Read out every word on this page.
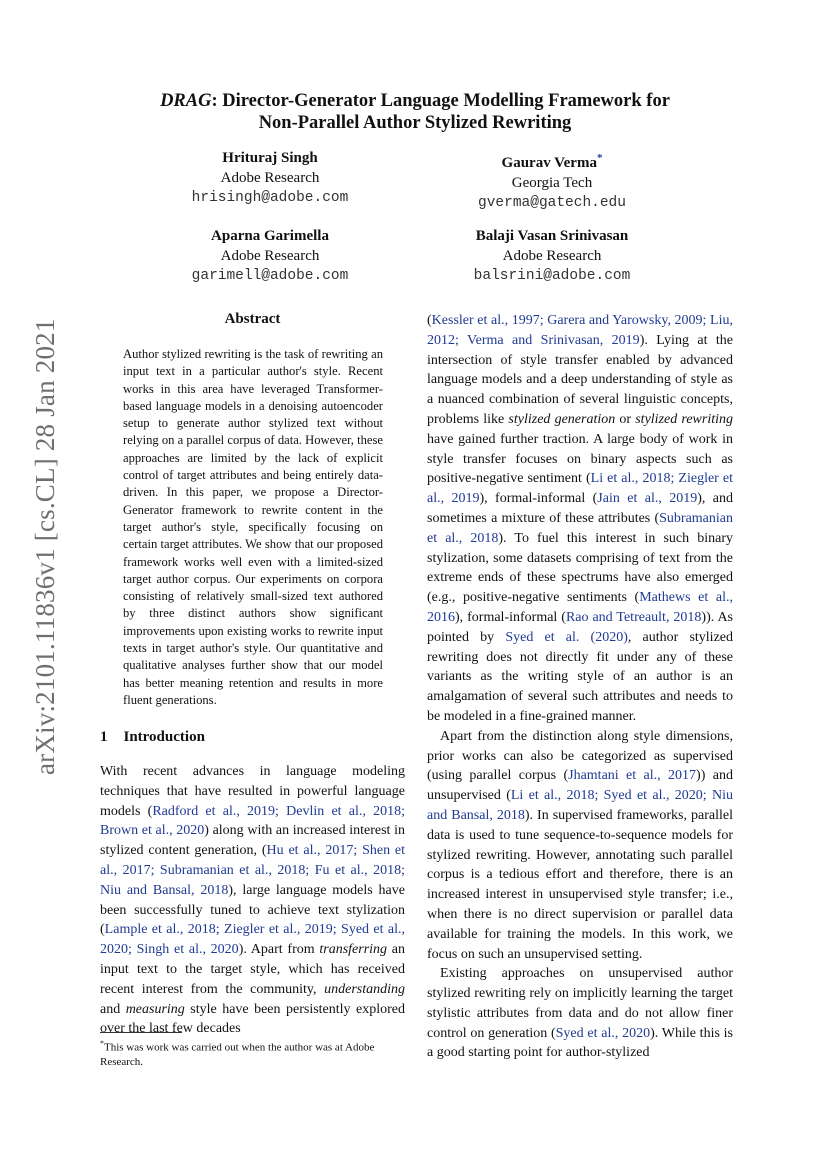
DRAG: Director-Generator Language Modelling Framework for
Non-Parallel Author Stylized Rewriting
Hrituraj Singh
Adobe Research
hrisingh@adobe.com
Gaurav Verma*
Georgia Tech
gverma@gatech.edu
Aparna Garimella
Adobe Research
garimell@adobe.com
Balaji Vasan Srinivasan
Adobe Research
balsrini@adobe.com
arXiv:2101.11836v1 [cs.CL] 28 Jan 2021	Abstract
Author stylized rewriting is the task of rewriting an input text in a particular author's style. Recent works in this area have leveraged Transformer-based language models in a denoising autoencoder setup to generate author stylized text without relying on a parallel corpus of data. However, these approaches are limited by the lack of explicit control of target attributes and being entirely data-driven. In this paper, we propose a Director-Generator framework to rewrite content in the target author's style, specifically focusing on certain target attributes. We show that our proposed framework works well even with a limited-sized target author corpus. Our experiments on corpora consisting of relatively small-sized text authored by three distinct authors show significant improvements upon existing works to rewrite input texts in target author's style. Our quantitative and qualitative analyses further show that our model has better meaning retention and results in more fluent generations.
1 Introduction
With recent advances in language modeling techniques that have resulted in powerful language models (Radford et al., 2019; Devlin et al., 2018; Brown et al., 2020) along with an increased interest in stylized content generation, (Hu et al., 2017; Shen et al., 2017; Subramanian et al., 2018; Fu et al., 2018; Niu and Bansal, 2018), large language models have been successfully tuned to achieve text stylization (Lample et al., 2018; Ziegler et al., 2019; Syed et al., 2020; Singh et al., 2020). Apart from transferring an input text to the target style, which has received recent interest from the community, understanding and measuring style have been persistently explored over the last few decades

(Kessler et al., 1997; Garera and Yarowsky, 2009; Liu, 2012; Verma and Srinivasan, 2019). Lying at the intersection of style transfer enabled by advanced language models and a deep understanding of style as a nuanced combination of several linguistic concepts, problems like stylized generation or stylized rewriting have gained further traction. A large body of work in style transfer focuses on binary aspects such as positive-negative sentiment (Li et al., 2018; Ziegler et al., 2019), formal-informal (Jain et al., 2019), and sometimes a mixture of these attributes (Subramanian et al., 2018). To fuel this interest in such binary stylization, some datasets comprising of text from the extreme ends of these spectrums have also emerged (e.g., positive-negative sentiments (Mathews et al., 2016), formal-informal (Rao and Tetreault, 2018)). As pointed by Syed et al. (2020), author stylized rewriting does not directly fit under any of these variants as the writing style of an author is an amalgamation of several such attributes and needs to be modeled in a fine-grained manner.

Apart from the distinction along style dimensions, prior works can also be categorized as supervised (using parallel corpus (Jhamtani et al., 2017)) and unsupervised (Li et al., 2018; Syed et al., 2020; Niu and Bansal, 2018). In supervised frameworks, parallel data is used to tune sequence-to-sequence models for stylized rewriting. However, annotating such parallel corpus is a tedious effort and therefore, there is an increased interest in unsupervised style transfer; i.e., when there is no direct supervision or parallel data available for training the models. In this work, we focus on such an unsupervised setting.

Existing approaches on unsupervised author stylized rewriting rely on implicitly learning the target stylistic attributes from data and do not allow finer control on generation (Syed et al., 2020). While this is a good starting point for author-stylized

*This was work was carried out when the author was at Adobe Research.
